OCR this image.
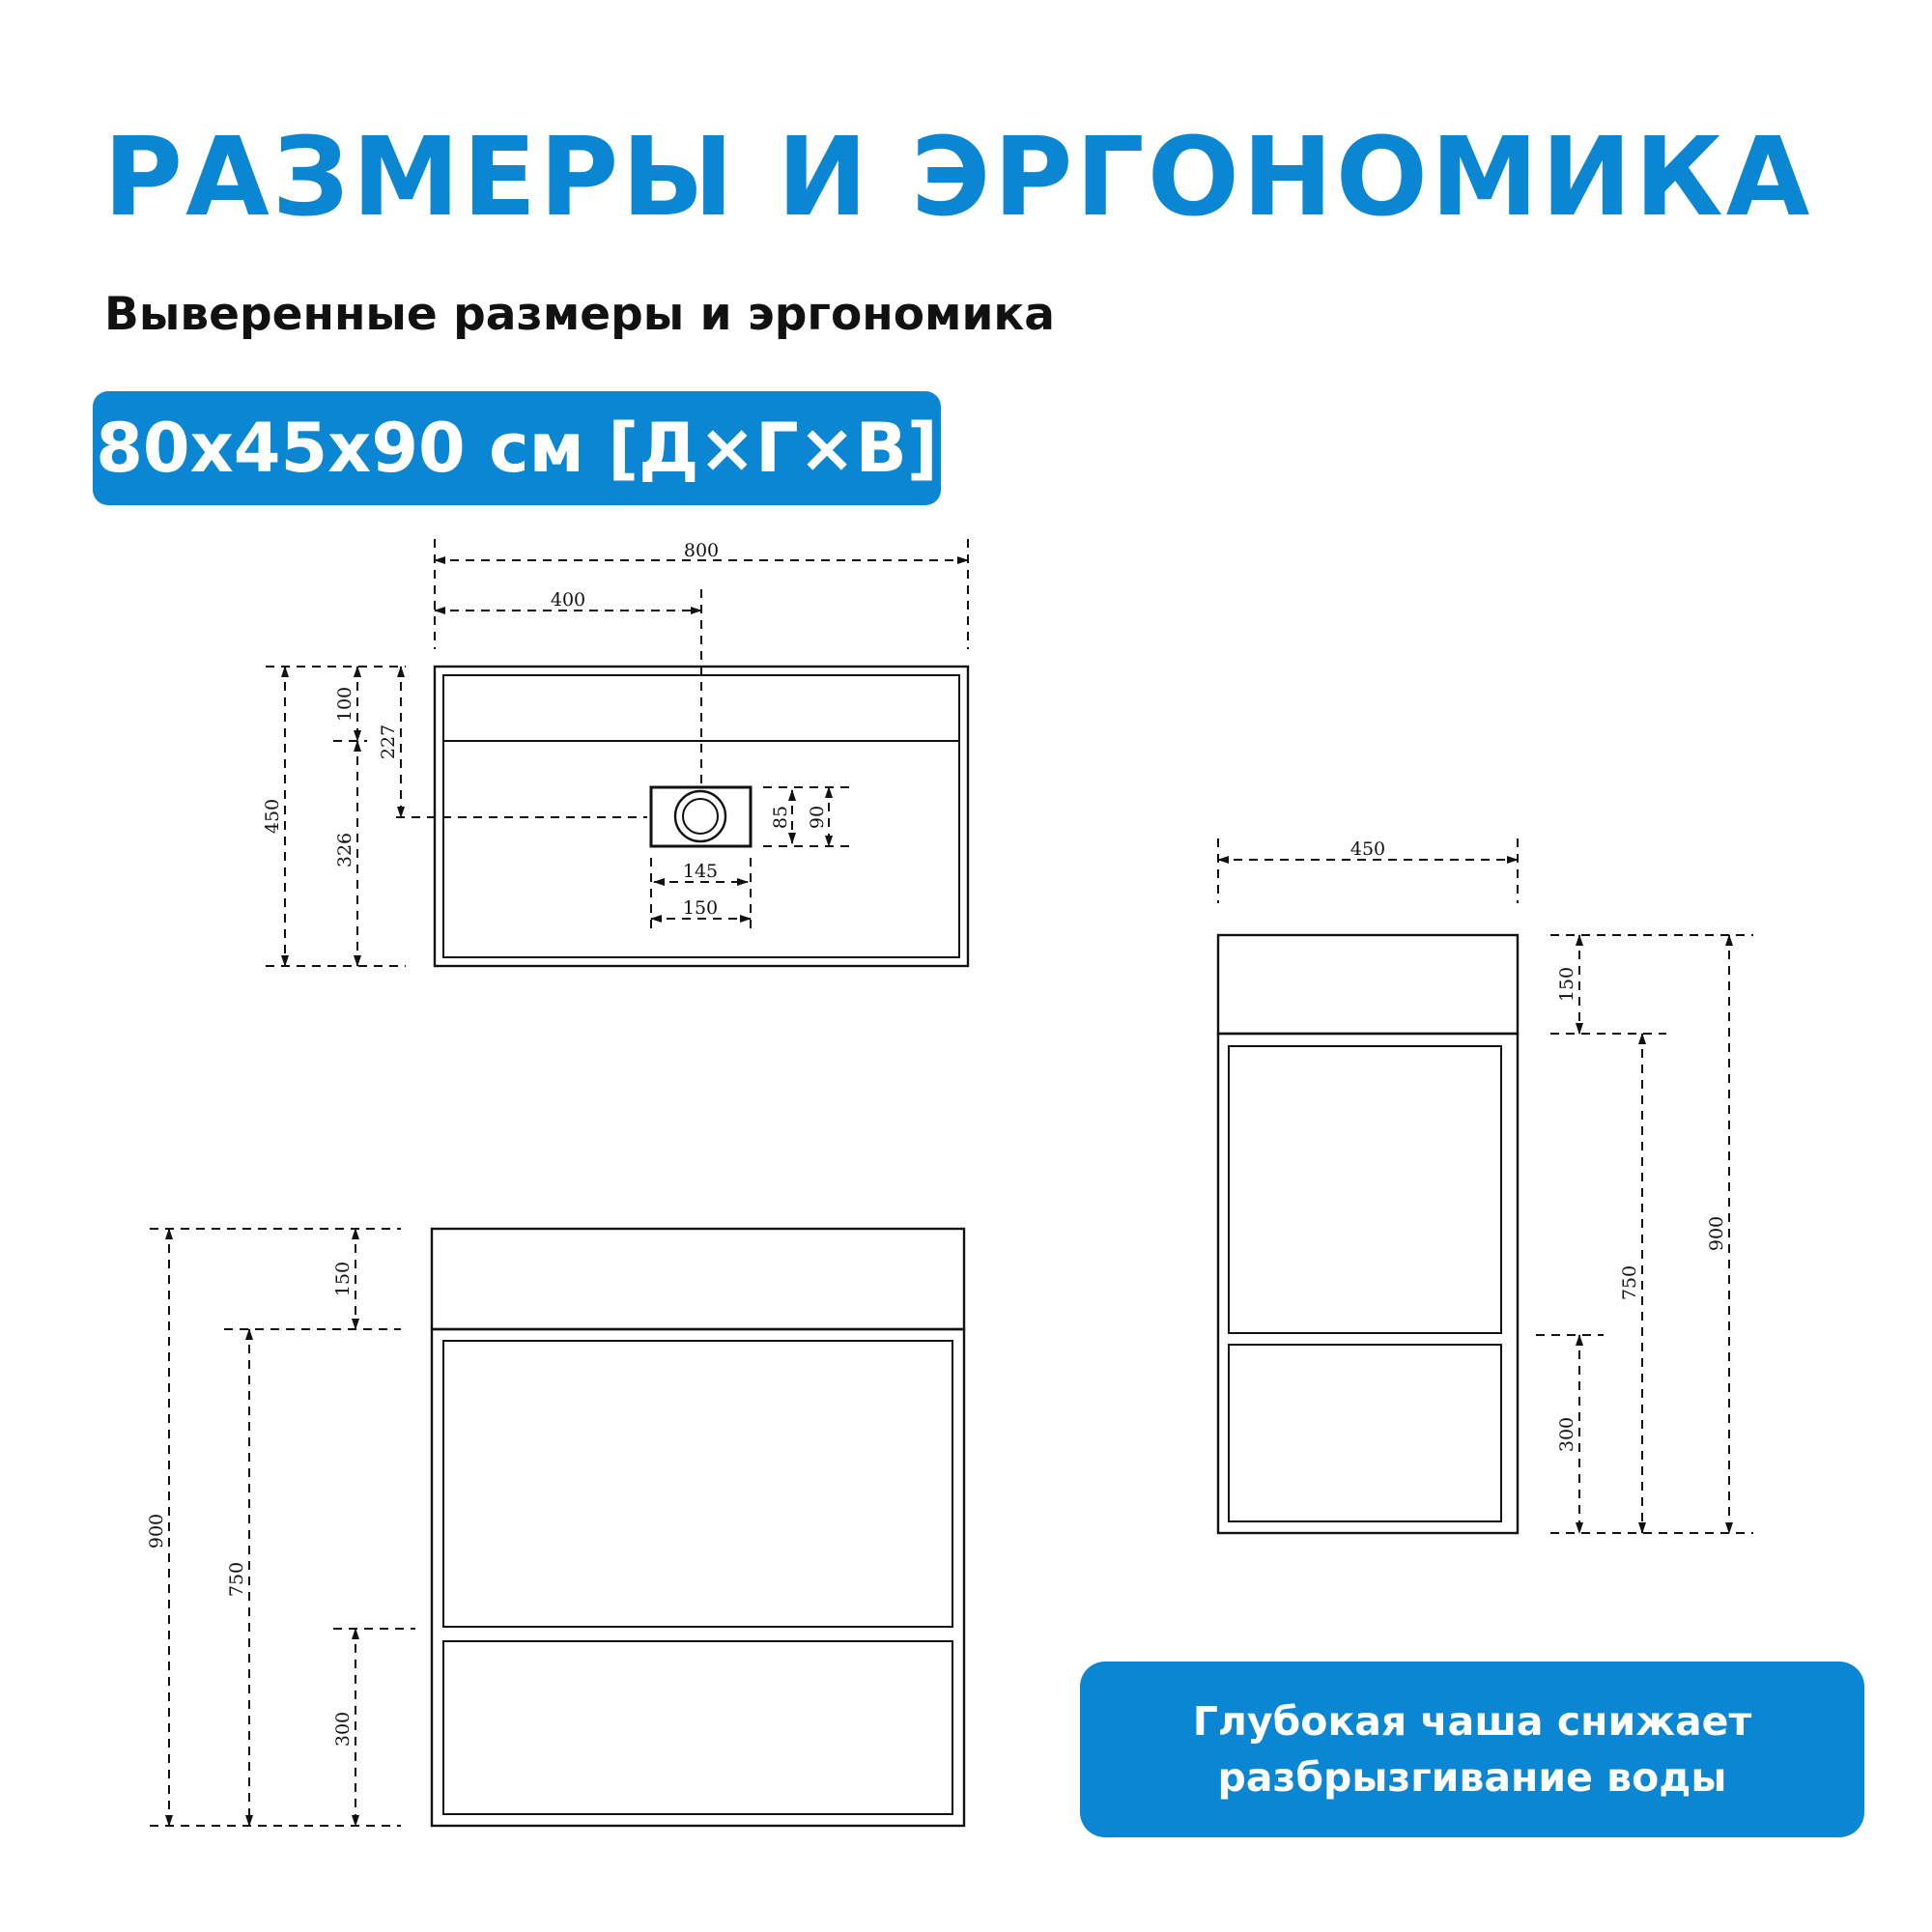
РАЗМЕРЫ И ЭРГОНОМИКА
Выверенные размеры и эргономика
80x45x90 см [Д×Г×В]
800
400
450
100
227
326
85 90
145
150
900
750
150
300
450
150
300
750
900
Глубокая чаша снижает
разбрызгивание воды
